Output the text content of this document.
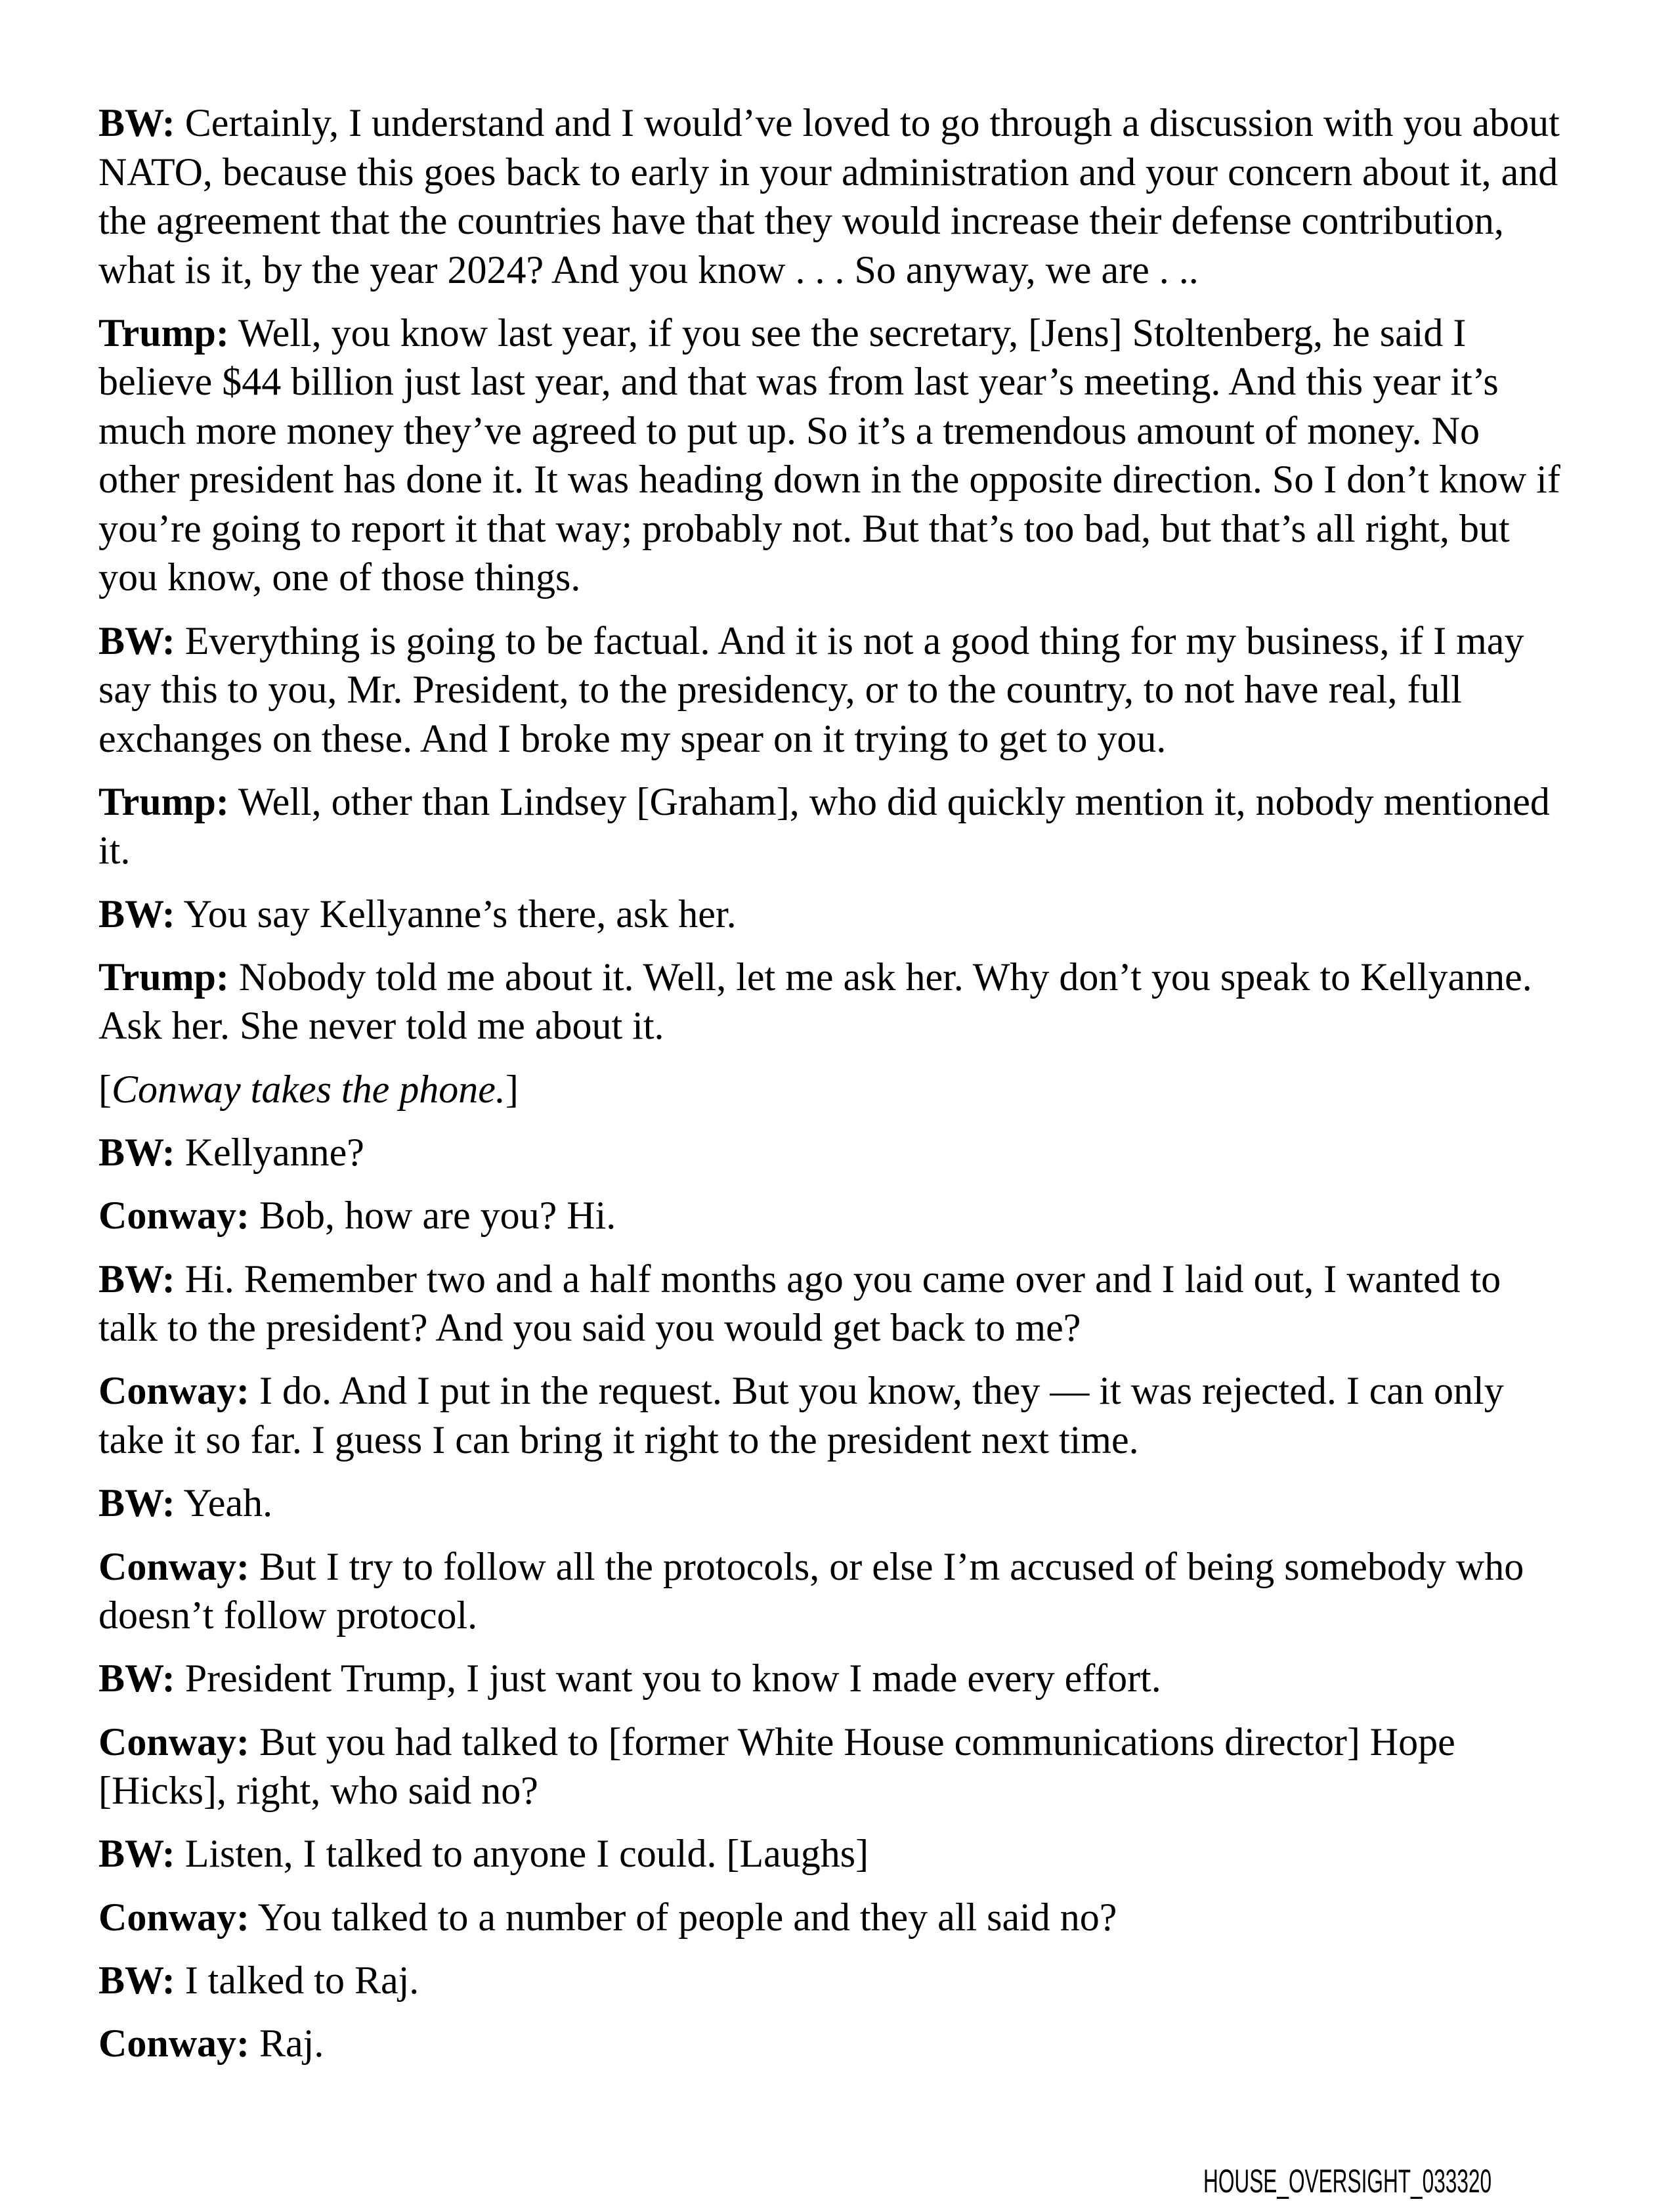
BW: Certainly, I understand and I would’ve loved to go through a discussion with you about
NATO, because this goes back to early in your administration and your concern about it, and
the agreement that the countries have that they would increase their defense contribution,
what is it, by the year 2024? And you know . . . So anyway, we are . ..
Trump: Well, you know last year, if you see the secretary, [Jens] Stoltenberg, he said I
believe $44 billion just last year, and that was from last year’s meeting. And this year it’s
much more money they’ve agreed to put up. So it’s a tremendous amount of money. No
other president has done it. It was heading down in the opposite direction. So I don’t know if
you’re going to report it that way; probably not. But that’s too bad, but that’s all right, but
you know, one of those things.
BW: Everything is going to be factual. And it is not a good thing for my business, if I may
say this to you, Mr. President, to the presidency, or to the country, to not have real, full
exchanges on these. And I broke my spear on it trying to get to you.
Trump: Well, other than Lindsey [Graham], who did quickly mention it, nobody mentioned
it.
BW: You say Kellyanne’s there, ask her.
Trump: Nobody told me about it. Well, let me ask her. Why don’t you speak to Kellyanne.
Ask her. She never told me about it.
[Conway takes the phone.]
BW: Kellyanne?
Conway: Bob, how are you? Hi.
BW: Hi. Remember two and a half months ago you came over and I laid out, I wanted to
talk to the president? And you said you would get back to me?
Conway: I do. And I put in the request. But you know, they — it was rejected. I can only
take it so far. I guess I can bring it right to the president next time.
BW: Yeah.
Conway: But I try to follow all the protocols, or else I’m accused of being somebody who
doesn’t follow protocol.
BW: President Trump, I just want you to know I made every effort.
Conway: But you had talked to [former White House communications director] Hope
[Hicks], right, who said no?
BW: Listen, I talked to anyone I could. [Laughs]
Conway: You talked to a number of people and they all said no?
BW: I talked to Raj.
Conway: Raj.
HOUSE_OVERSIGHT_033320
